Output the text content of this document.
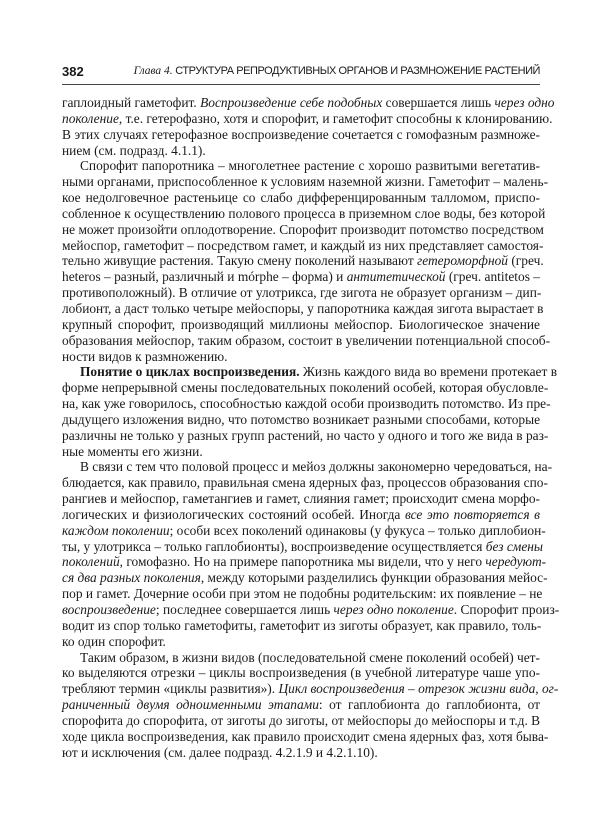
382	Глава 4. СТРУКТУРА РЕПРОДУКТИВНЫХ ОРГАНОВ И РАЗМНОЖЕНИЕ РАСТЕНИЙ
гаплоидный гаметофит. Воспроизведение себе подобных совершается лишь через одно
поколение, т.е. гетерофазно, хотя и спорофит, и гаметофит способны к клонированию.
В этих случаях гетерофазное воспроизведение сочетается с гомофазным размноже-
нием (см. подразд. 4.1.1).
Спорофит папоротника – многолетнее растение с хорошо развитыми вегетатив-
ными органами, приспособленное к условиям наземной жизни. Гаметофит – малень-
кое недолговечное растеньице со слабо дифференцированным талломом, приспо-
собленное к осуществлению полового процесса в приземном слое воды, без которой
не может произойти оплодотворение. Спорофит производит потомство посредством
мейоспор, гаметофит – посредством гамет, и каждый из них представляет самостоя-
тельно живущие растения. Такую смену поколений называют гетероморфной (греч.
heteros – разный, различный и mórphe – форма) и антитетической (греч. antitetos –
противоположный). В отличие от улотрикса, где зигота не образует организм – дип-
лобионт, а даст только четыре мейоспоры, у папоротника каждая зигота вырастает в
крупный спорофит, производящий миллионы мейоспор. Биологическое значение
образования мейоспор, таким образом, состоит в увеличении потенциальной способ-
ности видов к размножению.
Понятие о циклах воспроизведения. Жизнь каждого вида во времени протекает в
форме непрерывной смены последовательных поколений особей, которая обусловле-
на, как уже говорилось, способностью каждой особи производить потомство. Из пре-
дыдущего изложения видно, что потомство возникает разными способами, которые
различны не только у разных групп растений, но часто у одного и того же вида в раз-
ные моменты его жизни.
В связи с тем что половой процесс и мейоз должны закономерно чередоваться, на-
блюдается, как правило, правильная смена ядерных фаз, процессов образования спо-
рангиев и мейоспор, гаметангиев и гамет, слияния гамет; происходит смена морфо-
логических и физиологических состояний особей. Иногда все это повторяется в
каждом поколении; особи всех поколений одинаковы (у фукуса – только диплобион-
ты, у улотрикса – только гаплобионты), воспроизведение осуществляется без смены
поколений, гомофазно. Но на примере папоротника мы видели, что у него чередуют-
ся два разных поколения, между которыми разделились функции образования мейос-
пор и гамет. Дочерние особи при этом не подобны родительским: их появление – не
воспроизведение; последнее совершается лишь через одно поколение. Спорофит произ-
водит из спор только гаметофиты, гаметофит из зиготы образует, как правило, толь-
ко один спорофит.
Таким образом, в жизни видов (последовательной смене поколений особей) чет-
ко выделяются отрезки – циклы воспроизведения (в учебной литературе чаше упо-
требляют термин «циклы развития»). Цикл воспроизведения – отрезок жизни вида, ог-
раниченный двумя одноименными этапами: от гаплобионта до гаплобионта, от
спорофита до спорофита, от зиготы до зиготы, от мейоспоры до мейоспоры и т.д. В
ходе цикла воспроизведения, как правило происходит смена ядерных фаз, хотя быва-
ют и исключения (см. далее подразд. 4.2.1.9 и 4.2.1.10).
